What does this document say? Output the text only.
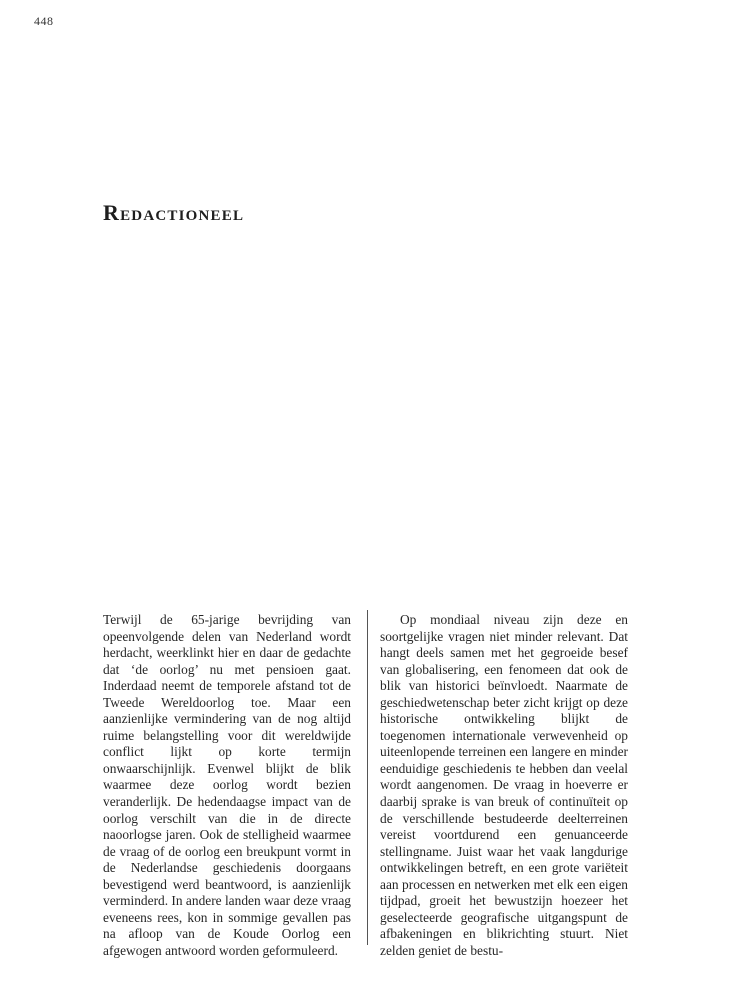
448
Redactioneel

Terwijl de 65-jarige bevrijding van opeenvolgende delen van Nederland wordt herdacht, weerklinkt hier en daar de gedachte dat ‘de oorlog’ nu met pensioen gaat. Inderdaad neemt de temporele afstand tot de Tweede Wereldoorlog toe. Maar een aanzienlijke vermindering van de nog altijd ruime belangstelling voor dit wereldwijde conflict lijkt op korte termijn onwaarschijnlijk. Evenwel blijkt de blik waarmee deze oorlog wordt bezien veranderlijk. De hedendaagse impact van de oorlog verschilt van die in de directe naoorlogse jaren. Ook de stelligheid waarmee de vraag of de oorlog een breukpunt vormt in de Nederlandse geschiedenis doorgaans bevestigend werd beantwoord, is aanzienlijk verminderd. In andere landen waar deze vraag eveneens rees, kon in sommige gevallen pas na afloop van de Koude Oorlog een afgewogen antwoord worden geformuleerd.

Op mondiaal niveau zijn deze en soortgelijke vragen niet minder relevant. Dat hangt deels samen met het gegroeide besef van globalisering, een fenomeen dat ook de blik van historici beïnvloedt. Naarmate de geschiedwetenschap beter zicht krijgt op deze historische ontwikkeling blijkt de toegenomen internationale verwevenheid op uiteenlopende terreinen een langere en minder eenduidige geschiedenis te hebben dan veelal wordt aangenomen. De vraag in hoeverre er daarbij sprake is van breuk of continuïteit op de verschillende bestudeerde deelterreinen vereist voortdurend een genuanceerde stellingname. Juist waar het vaak langdurige ontwikkelingen betreft, en een grote variëteit aan processen en netwerken met elk een eigen tijdpad, groeit het bewustzijn hoezeer het geselecteerde geografische uitgangspunt de afbakeningen en blikrichting stuurt. Niet zelden geniet de bestu-
